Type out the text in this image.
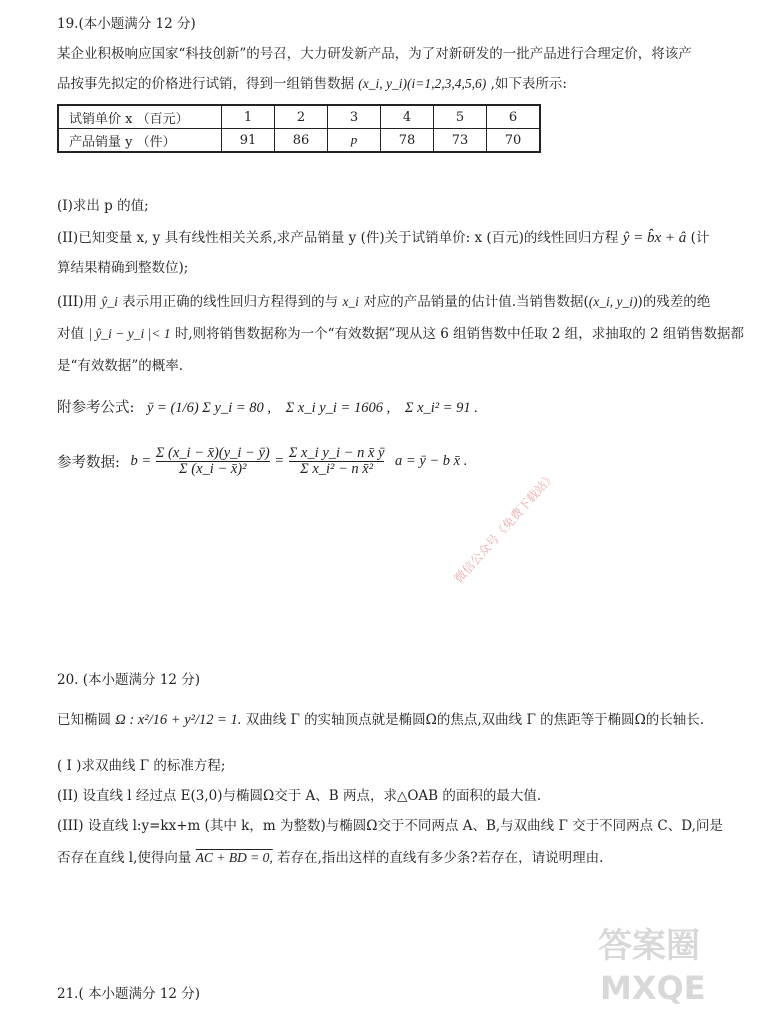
19.(本小题满分 12 分)
某企业积极响应国家“科技创新”的号召，大力研发新产品，为了对新研发的一批产品进行合理定价，将该产
品按事先拟定的价格进行试销，得到一组销售数据 (x_i, y_i)(i=1,2,3,4,5,6) ,如下表所示:
试销单价 x （百元）	1	2	3	4	5	6
产品销量 y （件）	91	86	p	78	73	70
(I)求出 p 的值;
(II)已知变量 x, y 具有线性相关关系,求产品销量 y (件)关于试销单价: x (百元)的线性回归方程 ŷ = b̂x + â (计
算结果精确到整数位);
(III)用 ŷ_i 表示用正确的线性回归方程得到的与 x_i 对应的产品销量的估计值.当销售数据((x_i, y_i))的残差的绝
对值 | ŷ_i − y_i |< 1 时,则将销售数据称为一个“有效数据”现从这 6 组销售数中任取 2 组，求抽取的 2 组销售数据都
是“有效数据”的概率.
附参考公式: ȳ = (1/6) Σ y_i = 80 , Σ x_i y_i = 1606 , Σ x_i² = 91 .
参考数据: $b = \frac{\Sigma (x\_i - x̄)(y\_i - ȳ)}{\text{Σ (x\_i − x̄)²}} = \frac{\text{Σ x\_i y\_i − n x̄ ȳ}}{\text{Σ x\_i² − n x̄²}}$ a = ȳ − b x̄ .
微信公众号《免费下载站》
20. (本小题满分 12 分)
已知椭圆 Ω : x²/16 + y²/12 = 1. 双曲线 Γ 的实轴顶点就是椭圆Ω的焦点,双曲线 Γ 的焦距等于椭圆Ω的长轴长.
( I )求双曲线 Γ 的标准方程;
(II) 设直线 l 经过点 E(3,0)与椭圆Ω交于 A、B 两点，求△OAB 的面积的最大值.
(III) 设直线 l:y=kx+m (其中 k，m 为整数)与椭圆Ω交于不同两点 A、B,与双曲线 Γ 交于不同两点 C、D,问是
否存在直线 l,使得向量 AC + BD = 0, 若存在,指出这样的直线有多少条?若存在，请说明理由.
21.( 本小题满分 12 分)
答案圈
MXQE
